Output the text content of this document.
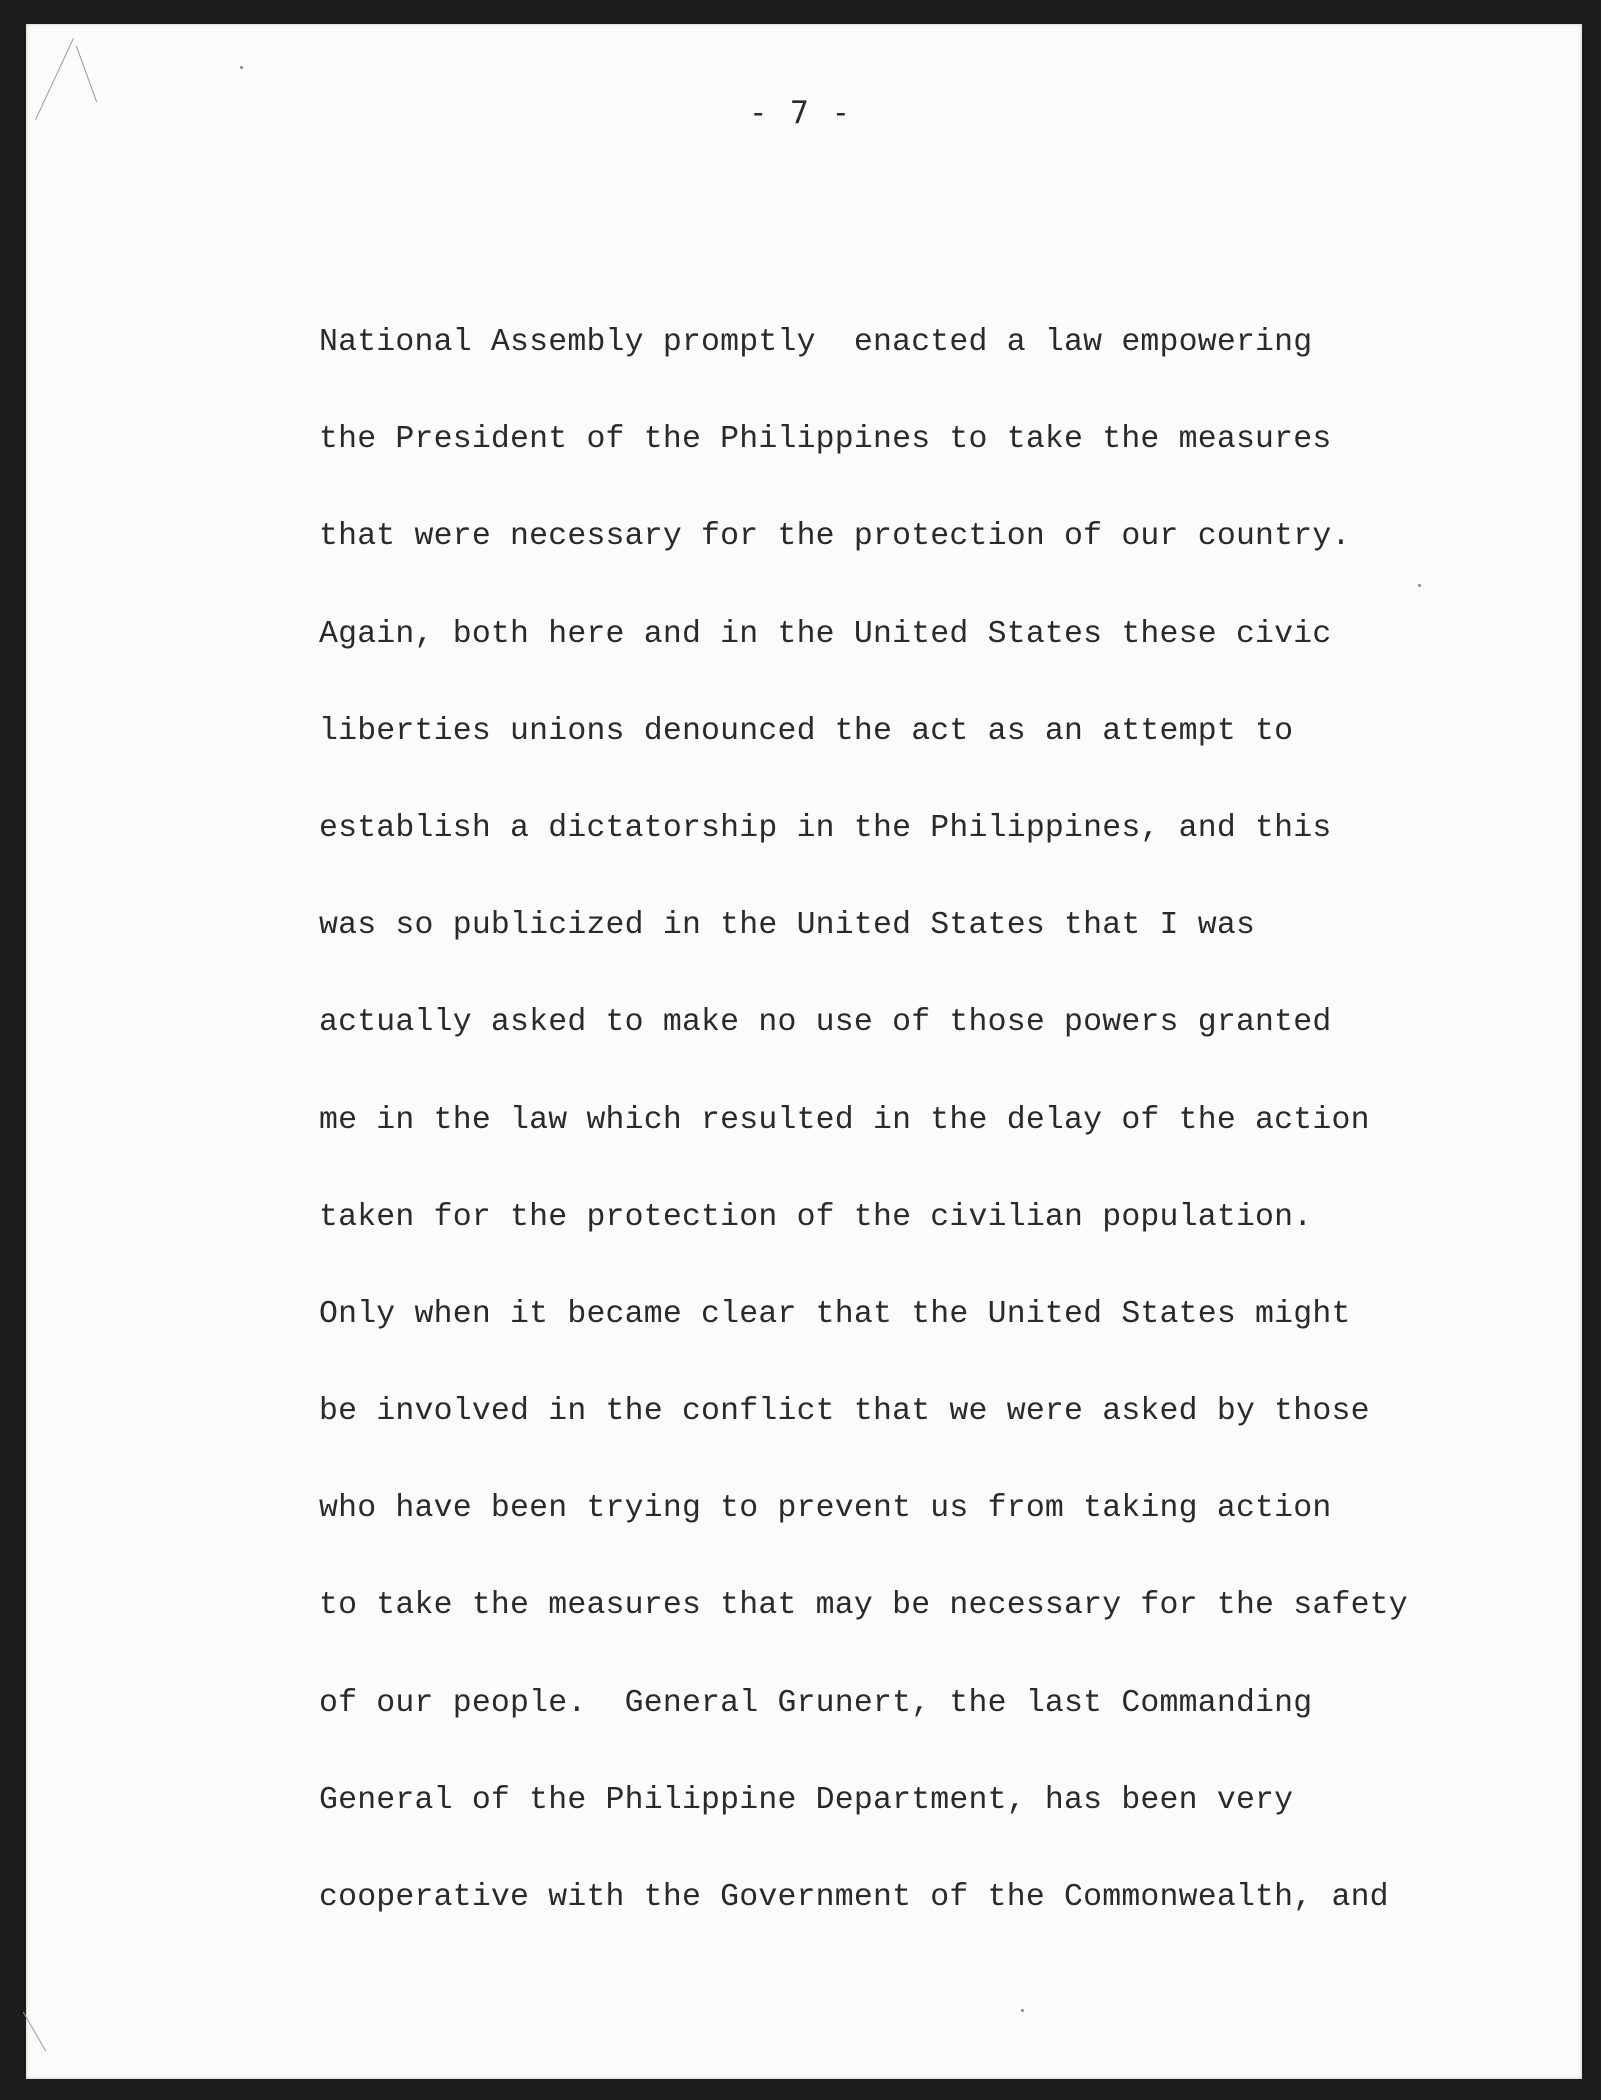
- 7 -
National Assembly promptly  enacted a law empowering
the President of the Philippines to take the measures
that were necessary for the protection of our country.
Again, both here and in the United States these civic
liberties unions denounced the act as an attempt to
establish a dictatorship in the Philippines, and this
was so publicized in the United States that I was
actually asked to make no use of those powers granted
me in the law which resulted in the delay of the action
taken for the protection of the civilian population.
Only when it became clear that the United States might
be involved in the conflict that we were asked by those
who have been trying to prevent us from taking action
to take the measures that may be necessary for the safety
of our people.  General Grunert, the last Commanding
General of the Philippine Department, has been very
cooperative with the Government of the Commonwealth, and
